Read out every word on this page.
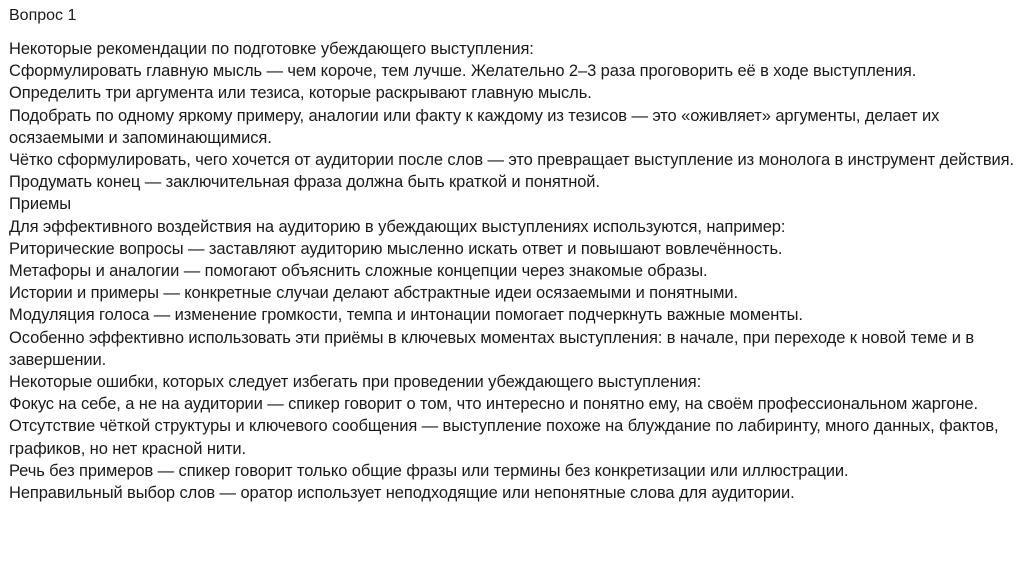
Вопрос 1
Некоторые рекомендации по подготовке убеждающего выступления:
Сформулировать главную мысль — чем короче, тем лучше. Желательно 2–3 раза проговорить её в ходе выступления.
Определить три аргумента или тезиса, которые раскрывают главную мысль.
Подобрать по одному яркому примеру, аналогии или факту к каждому из тезисов — это «оживляет» аргументы, делает их осязаемыми и запоминающимися.
Чётко сформулировать, чего хочется от аудитории после слов — это превращает выступление из монолога в инструмент действия.
Продумать конец — заключительная фраза должна быть краткой и понятной.
Приемы
Для эффективного воздействия на аудиторию в убеждающих выступлениях используются, например:
Риторические вопросы — заставляют аудиторию мысленно искать ответ и повышают вовлечённость.
Метафоры и аналогии — помогают объяснить сложные концепции через знакомые образы.
Истории и примеры — конкретные случаи делают абстрактные идеи осязаемыми и понятными.
Модуляция голоса — изменение громкости, темпа и интонации помогает подчеркнуть важные моменты.
Особенно эффективно использовать эти приёмы в ключевых моментах выступления: в начале, при переходе к новой теме и в завершении.
Некоторые ошибки, которых следует избегать при проведении убеждающего выступления:
Фокус на себе, а не на аудитории — спикер говорит о том, что интересно и понятно ему, на своём профессиональном жаргоне.
Отсутствие чёткой структуры и ключевого сообщения — выступление похоже на блуждание по лабиринту, много данных, фактов, графиков, но нет красной нити.
Речь без примеров — спикер говорит только общие фразы или термины без конкретизации или иллюстрации.
Неправильный выбор слов — оратор использует неподходящие или непонятные слова для аудитории.
